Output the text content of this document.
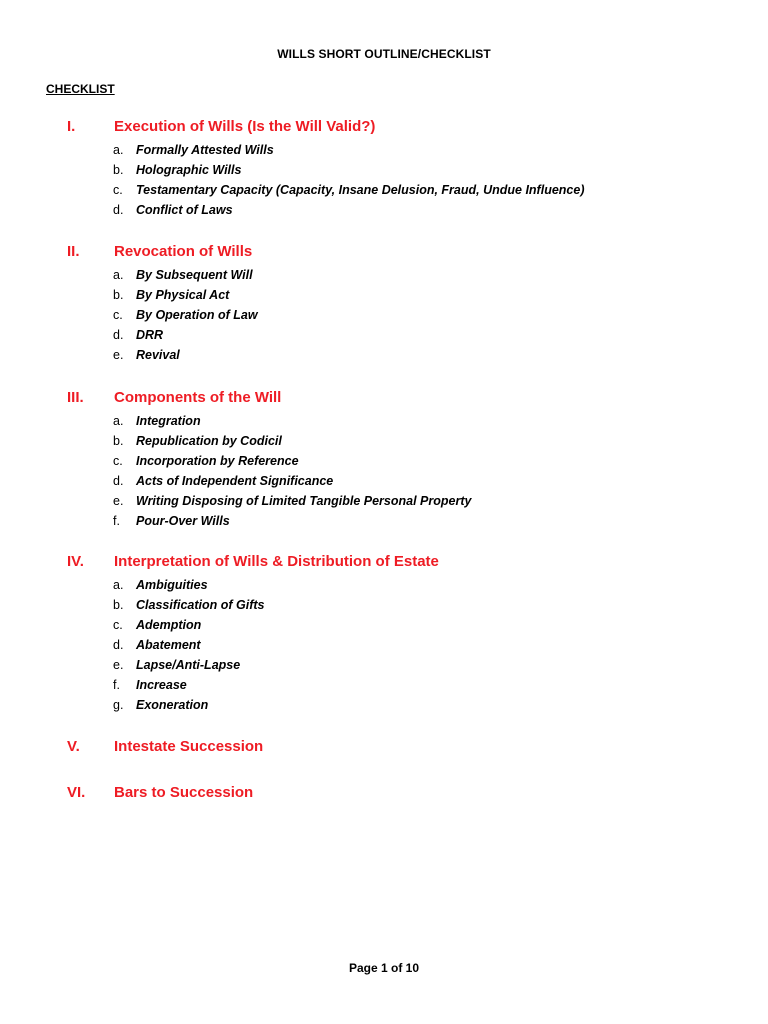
WILLS SHORT OUTLINE/CHECKLIST
CHECKLIST
I.	Execution of Wills (Is the Will Valid?)
a. Formally Attested Wills
b. Holographic Wills
c. Testamentary Capacity (Capacity, Insane Delusion, Fraud, Undue Influence)
d. Conflict of Laws
II. Revocation of Wills
a. By Subsequent Will
b. By Physical Act
c. By Operation of Law
d. DRR
e. Revival
III. Components of the Will
a. Integration
b. Republication by Codicil
c. Incorporation by Reference
d. Acts of Independent Significance
e. Writing Disposing of Limited Tangible Personal Property
f. Pour-Over Wills
IV. Interpretation of Wills & Distribution of Estate
a. Ambiguities
b. Classification of Gifts
c. Ademption
d. Abatement
e. Lapse/Anti-Lapse
f. Increase
g. Exoneration
V. Intestate Succession
VI. Bars to Succession
Page 1 of 10
